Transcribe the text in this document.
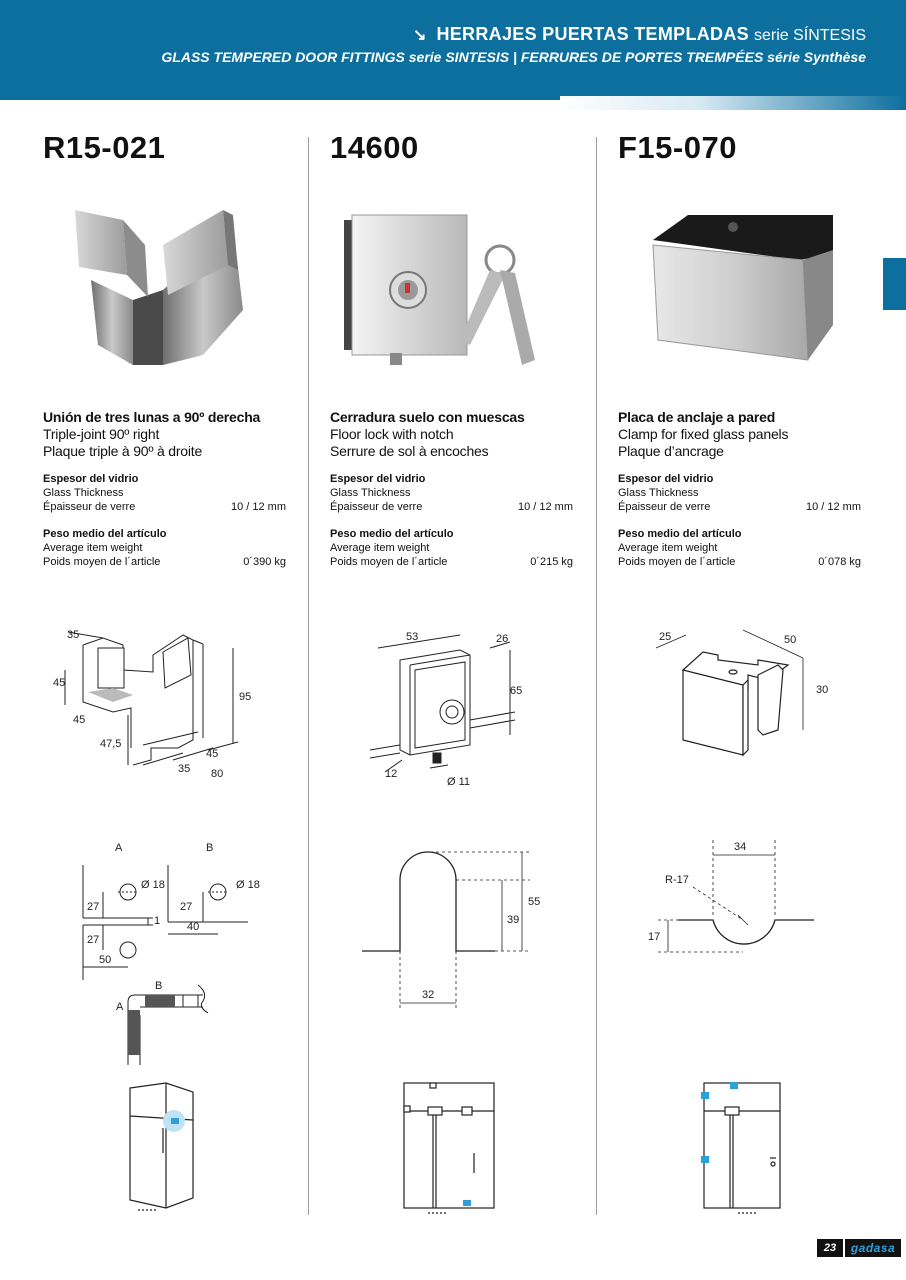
↘ HERRAJES PUERTAS TEMPLADAS serie SÍNTESIS
GLASS TEMPERED DOOR FITTINGS serie SINTESIS | FERRURES DE PORTES TREMPÉES série Synthèse
R15-021
Unión de tres lunas a 90º derecha
Triple-joint 90º right
Plaque triple à 90º à droite
Espesor del vidrio
Glass Thickness
Épaisseur de verre	10 / 12 mm
Peso medio del artículo
Average item weight
Poids moyen de l´article	0´390 kg
35
45
45
95
47,5
45
35 80
A	B
Ø 18	Ø 18
27
27
27
40
50
1
B
A
14600
Cerradura suelo con muescas
Floor lock with notch
Serrure de sol à encoches
Espesor del vidrio
Glass Thickness
Épaisseur de verre	10 / 12 mm
Peso medio del artículo
Average item weight
Poids moyen de l´article	0´215 kg
53	26
65
12
Ø 11
55
39
32
F15-070
Placa de anclaje a pared
Clamp for fixed glass panels
Plaque d’ancrage
Espesor del vidrio
Glass Thickness
Épaisseur de verre	10 / 12 mm
Peso medio del artículo
Average item weight
Poids moyen de l´article	0´078 kg
25	50
30
34
R-17
17
23	gadasa
